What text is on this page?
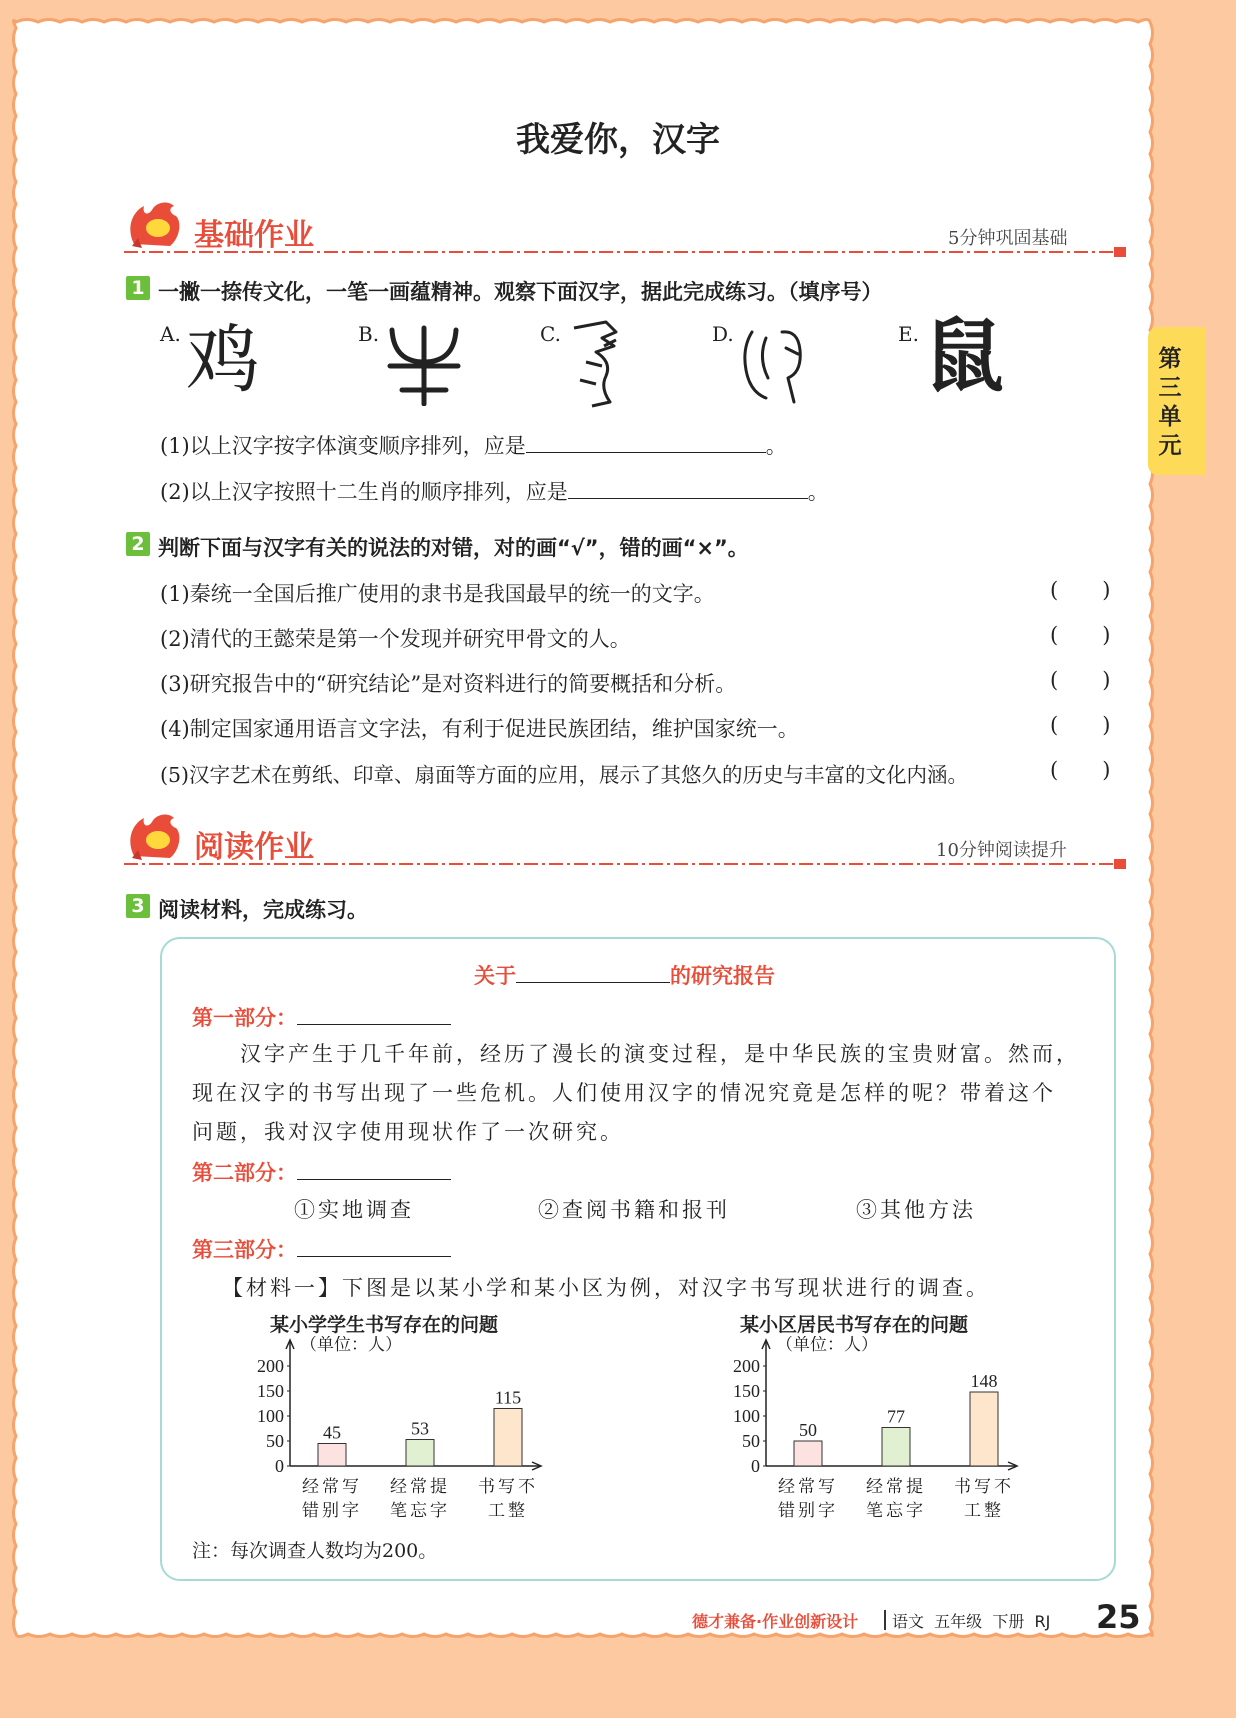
我爱你，汉字
第三单元
基础作业	5分钟巩固基础
1 一撇一捺传文化，一笔一画蕴精神。观察下面汉字，据此完成练习。（填序号）
A. 鸡	B.	C.	D.	E. 鼠
(1)以上汉字按字体演变顺序排列，应是	。
(2)以上汉字按照十二生肖的顺序排列，应是	。
2 判断下面与汉字有关的说法的对错，对的画“√”，错的画“×”。
(1)秦统一全国后推广使用的隶书是我国最早的统一的文字。
(2)清代的王懿荣是第一个发现并研究甲骨文的人。
(3)研究报告中的“研究结论”是对资料进行的简要概括和分析。
(4)制定国家通用语言文字法，有利于促进民族团结，维护国家统一。
(5)汉字艺术在剪纸、印章、扇面等方面的应用，展示了其悠久的历史与丰富的文化内涵。
( )
( )
( )
( )
( )
阅读作业	10分钟阅读提升
3 阅读材料，完成练习。
关于	的研究报告
第一部分：
汉字产生于几千年前，经历了漫长的演变过程，是中华民族的宝贵财富。然而，
现在汉字的书写出现了一些危机。人们使用汉字的情况究竟是怎样的呢？带着这个
问题，我对汉字使用现状作了一次研究。
第二部分：
①实地调查	②查阅书籍和报刊	③其他方法
第三部分：
【材料一】下图是以某小学和某小区为例，对汉字书写现状进行的调查。
某小学学生书写存在的问题	某小区居民书写存在的问题
（单位：人）
0
50
100
150
200
45
经常写
错别字
53
经常提
笔忘字
115
书写不
工整
（单位：人）
0
50
100
150
200
50
经常写
错别字
77
经常提
笔忘字
148
书写不
工整
注：每次调查人数均为200。
德才兼备·作业创新设计 语文  五年级  下册  RJ 25
